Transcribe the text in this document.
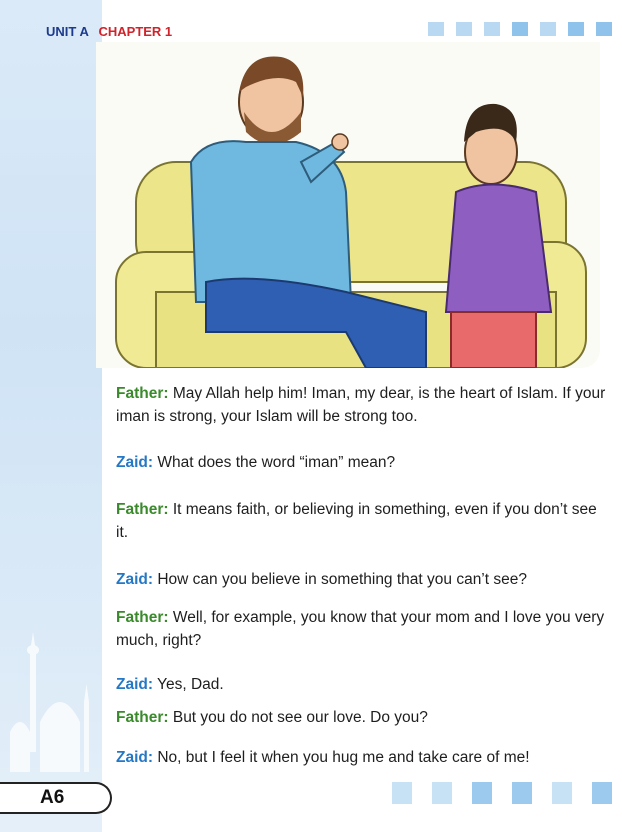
UNIT A CHAPTER 1

Father: May Allah help him! Iman, my dear, is the heart of Islam. If your iman is strong, your Islam will be strong too.

Zaid: What does the word “iman” mean?

Father: It means faith, or believing in something, even if you don’t see it.

Zaid: How can you believe in something that you can’t see?

Father: Well, for example, you know that your mom and I love you very much, right?

Zaid: Yes, Dad.

Father: But you do not see our love. Do you?

Zaid: No, but I feel it when you hug me and take care of me!

A6
